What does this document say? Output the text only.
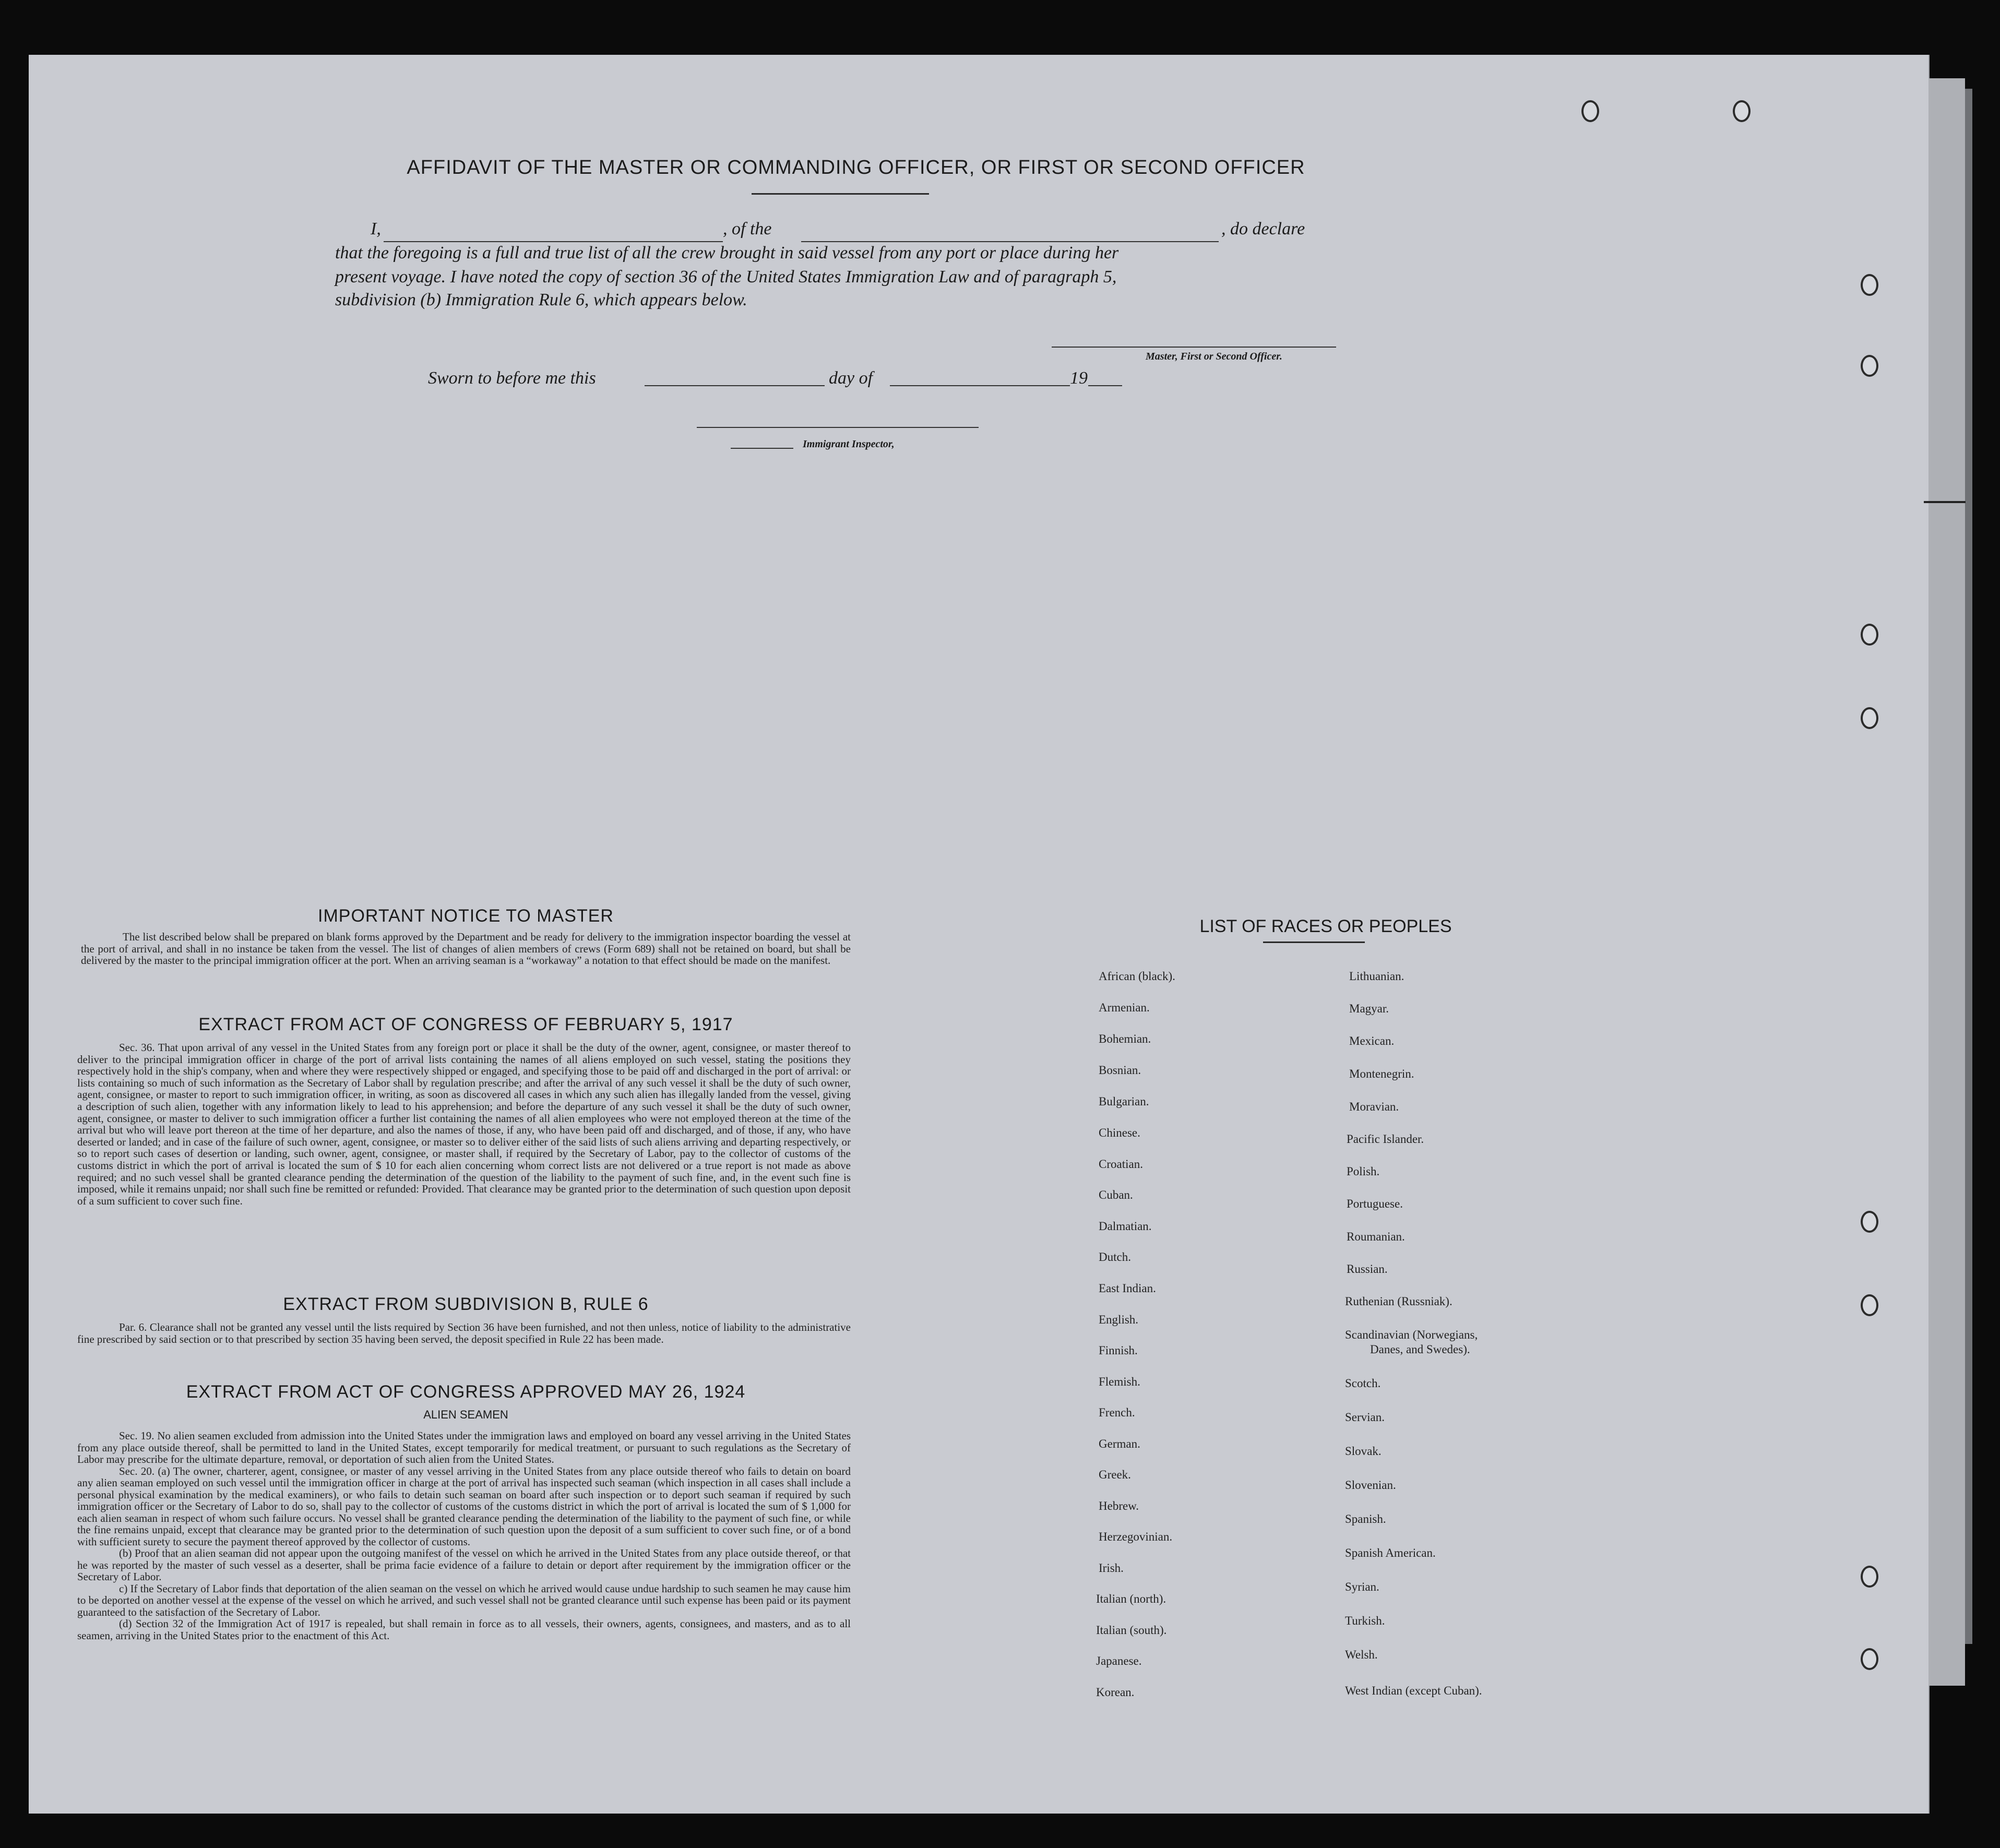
AFFIDAVIT OF THE MASTER OR COMMANDING OFFICER, OR FIRST OR SECOND OFFICER
I,	, of the	, do declare
that the foregoing is a full and true list of all the crew brought in said vessel from any port or place during her
present voyage. I have noted the copy of section 36 of the United States Immigration Law and of paragraph 5,
subdivision (b) Immigration Rule 6, which appears below.
Master, First or Second Officer.
Sworn to before me this	day of	19
Immigrant Inspector,
IMPORTANT NOTICE TO MASTER

The list described below shall be prepared on blank forms approved by the Department and be ready for delivery to the immigration inspector boarding the vessel at the port of arrival, and shall in no instance be taken from the vessel. The list of changes of alien members of crews (Form 689) shall not be retained on board, but shall be delivered by the master to the principal immigration officer at the port. When an arriving seaman is a “workaway” a notation to that effect should be made on the manifest.

EXTRACT FROM ACT OF CONGRESS OF FEBRUARY 5, 1917

Sec. 36. That upon arrival of any vessel in the United States from any foreign port or place it shall be the duty of the owner, agent, consignee, or master thereof to deliver to the principal immigration officer in charge of the port of arrival lists containing the names of all aliens employed on such vessel, stating the positions they respectively hold in the ship's company, when and where they were respectively shipped or engaged, and specifying those to be paid off and discharged in the port of arrival: or lists containing so much of such information as the Secretary of Labor shall by regulation prescribe; and after the arrival of any such vessel it shall be the duty of such owner, agent, consignee, or master to report to such immigration officer, in writing, as soon as discovered all cases in which any such alien has illegally landed from the vessel, giving a description of such alien, together with any information likely to lead to his apprehension; and before the departure of any such vessel it shall be the duty of such owner, agent, consignee, or master to deliver to such immigration officer a further list containing the names of all alien employees who were not employed thereon at the time of the arrival but who will leave port thereon at the time of her departure, and also the names of those, if any, who have been paid off and discharged, and of those, if any, who have deserted or landed; and in case of the failure of such owner, agent, consignee, or master so to deliver either of the said lists of such aliens arriving and departing respectively, or so to report such cases of desertion or landing, such owner, agent, consignee, or master shall, if required by the Secretary of Labor, pay to the collector of customs of the customs district in which the port of arrival is located the sum of $ 10 for each alien concerning whom correct lists are not delivered or a true report is not made as above required; and no such vessel shall be granted clearance pending the determination of the question of the liability to the payment of such fine, and, in the event such fine is imposed, while it remains unpaid; nor shall such fine be remitted or refunded: Provided. That clearance may be granted prior to the determination of such question upon deposit of a sum sufficient to cover such fine.

EXTRACT FROM SUBDIVISION B, RULE 6

Par. 6. Clearance shall not be granted any vessel until the lists required by Section 36 have been furnished, and not then unless, notice of liability to the administrative fine prescribed by said section or to that prescribed by section 35 having been served, the deposit specified in Rule 22 has been made.

EXTRACT FROM ACT OF CONGRESS APPROVED MAY 26, 1924
ALIEN SEAMEN

Sec. 19. No alien seamen excluded from admission into the United States under the immigration laws and employed on board any vessel arriving in the United States from any place outside thereof, shall be permitted to land in the United States, except temporarily for medical treatment, or pursuant to such regulations as the Secretary of Labor may prescribe for the ultimate departure, removal, or deportation of such alien from the United States.

Sec. 20. (a) The owner, charterer, agent, consignee, or master of any vessel arriving in the United States from any place outside thereof who fails to detain on board any alien seaman employed on such vessel until the immigration officer in charge at the port of arrival has inspected such seaman (which inspection in all cases shall include a personal physical examination by the medical examiners), or who fails to detain such seaman on board after such inspection or to deport such seaman if required by such immigration officer or the Secretary of Labor to do so, shall pay to the collector of customs of the customs district in which the port of arrival is located the sum of $ 1,000 for each alien seaman in respect of whom such failure occurs. No vessel shall be granted clearance pending the determination of the liability to the payment of such fine, or while the fine remains unpaid, except that clearance may be granted prior to the determination of such question upon the deposit of a sum sufficient to cover such fine, or of a bond with sufficient surety to secure the payment thereof approved by the collector of customs.

(b) Proof that an alien seaman did not appear upon the outgoing manifest of the vessel on which he arrived in the United States from any place outside thereof, or that he was reported by the master of such vessel as a deserter, shall be prima facie evidence of a failure to detain or deport after requirement by the immigration officer or the Secretary of Labor.

c) If the Secretary of Labor finds that deportation of the alien seaman on the vessel on which he arrived would cause undue hardship to such seamen he may cause him to be deported on another vessel at the expense of the vessel on which he arrived, and such vessel shall not be granted clearance until such expense has been paid or its payment guaranteed to the satisfaction of the Secretary of Labor.

(d) Section 32 of the Immigration Act of 1917 is repealed, but shall remain in force as to all vessels, their owners, agents, consignees, and masters, and as to all seamen, arriving in the United States prior to the enactment of this Act.

LIST OF RACES OR PEOPLES
African (black).
Armenian.
Bohemian.
Bosnian.
Bulgarian.
Chinese.
Croatian.
Cuban.
Dalmatian.
Dutch.
East Indian.
English.
Finnish.
Flemish.
French.
German.
Greek.
Hebrew.
Herzegovinian.
Irish.
Italian (north).
Italian (south).
Japanese.
Korean.
Lithuanian.
Magyar.
Mexican.
Montenegrin.
Moravian.
Pacific Islander.
Polish.
Portuguese.
Roumanian.
Russian.
Ruthenian (Russniak).
Scandinavian (Norwegians,
Danes, and Swedes).
Scotch.
Servian.
Slovak.
Slovenian.
Spanish.
Spanish American.
Syrian.
Turkish.
Welsh.
West Indian (except Cuban).
